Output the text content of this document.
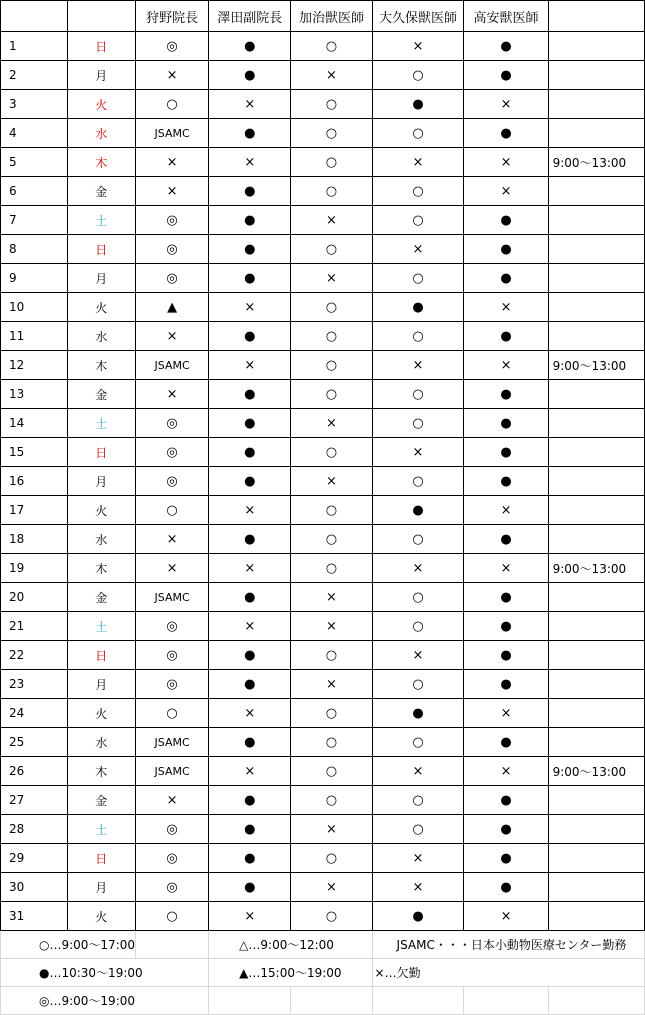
		狩野院長	澤田副院長	加治獣医師	大久保獣医師	高安獣医師	
1	日	◎	●	○	×	●	
2	月	×	●	×	○	●	
3	火	○	×	○	●	×	
4	水	JSAMC	●	○	○	●	
5	木	×	×	○	×	×	9:00～13:00
6	金	×	●	○	○	×	
7	土	◎	●	×	○	●	
8	日	◎	●	○	×	●	
9	月	◎	●	×	○	●	
10	火	▲	×	○	●	×	
11	水	×	●	○	○	●	
12	木	JSAMC	×	○	×	×	9:00～13:00
13	金	×	●	○	○	●	
14	土	◎	●	×	○	●	
15	日	◎	●	○	×	●	
16	月	◎	●	×	○	●	
17	火	○	×	○	●	×	
18	水	×	●	○	○	●	
19	木	×	×	○	×	×	9:00～13:00
20	金	JSAMC	●	×	○	●	
21	土	◎	×	×	○	●	
22	日	◎	●	○	×	●	
23	月	◎	●	×	○	●	
24	火	○	×	○	●	×	
25	水	JSAMC	●	○	○	●	
26	木	JSAMC	×	○	×	×	9:00～13:00
27	金	×	●	○	○	●	
28	土	◎	●	×	○	●	
29	日	◎	●	○	×	●	
30	月	◎	●	×	×	●	
31	火	○	×	○	●	×	
○…9:00～17:00			△…9:00～12:00		JSAMC・・・日本小動物医療センター勤務		
●…10:30～19:00			▲…15:00～19:00		×…欠勤		
◎…9:00～19:00							
